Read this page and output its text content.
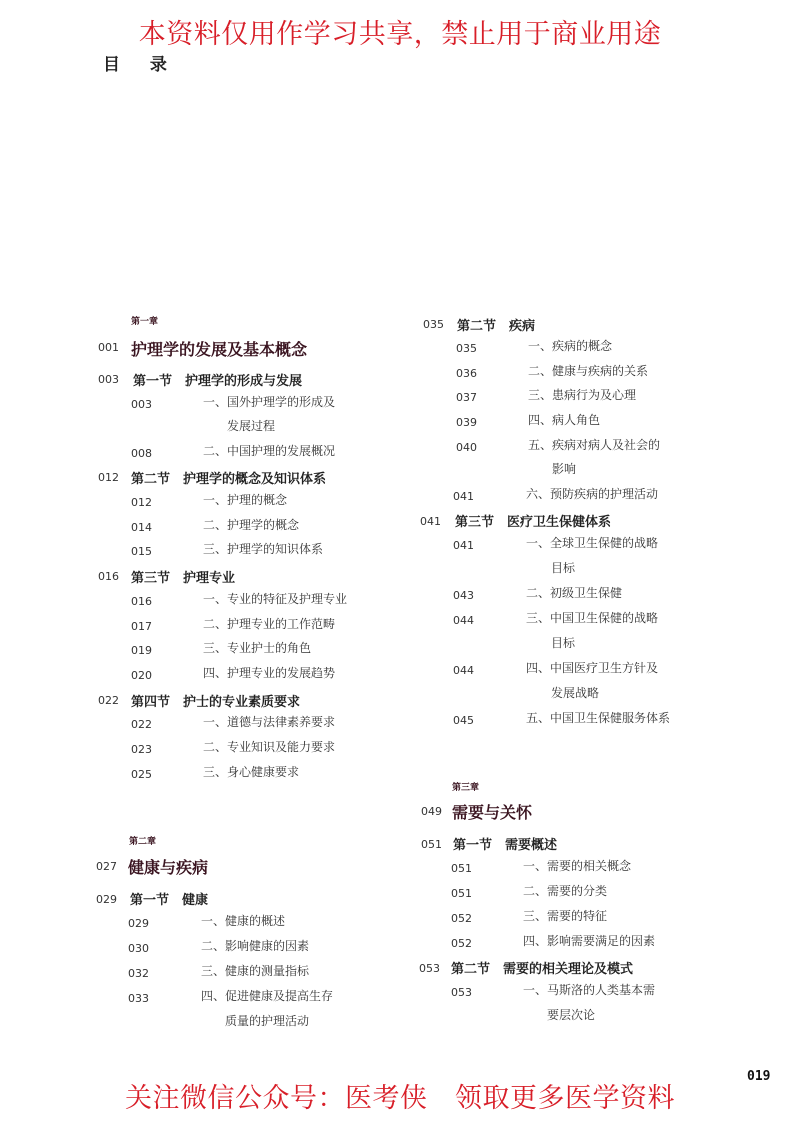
本资料仅用作学习共享，禁止用于商业用途
目 录
第一章
001 护理学的发展及基本概念
003 第一节　护理学的形成与发展
003	一、国外护理学的形成及
发展过程
008	二、中国护理的发展概况
012 第二节　护理学的概念及知识体系
012	一、护理的概念
014	二、护理学的概念
015	三、护理学的知识体系
016 第三节　护理专业
016	一、专业的特征及护理专业
017	二、护理专业的工作范畴
019	三、专业护士的角色
020	四、护理专业的发展趋势
022 第四节　护士的专业素质要求
022	一、道德与法律素养要求
023	二、专业知识及能力要求
025	三、身心健康要求
第二章
027 健康与疾病
029 第一节　健康
029	一、健康的概述
030	二、影响健康的因素
032	三、健康的测量指标
033	四、促进健康及提高生存
质量的护理活动
035 第二节　疾病
035	一、疾病的概念
036	二、健康与疾病的关系
037	三、患病行为及心理
039	四、病人角色
040	五、疾病对病人及社会的
影响
041	六、预防疾病的护理活动
041 第三节　医疗卫生保健体系
041	一、全球卫生保健的战略
目标
043	二、初级卫生保健
044	三、中国卫生保健的战略
目标
044	四、中国医疗卫生方针及
发展战略
045	五、中国卫生保健服务体系
第三章
049 需要与关怀
051 第一节　需要概述
051	一、需要的相关概念
051	二、需要的分类
052	三、需要的特征
052	四、影响需要满足的因素
053 第二节　需要的相关理论及模式
053	一、马斯洛的人类基本需
要层次论
019
关注微信公众号：医考侠　领取更多医学资料
